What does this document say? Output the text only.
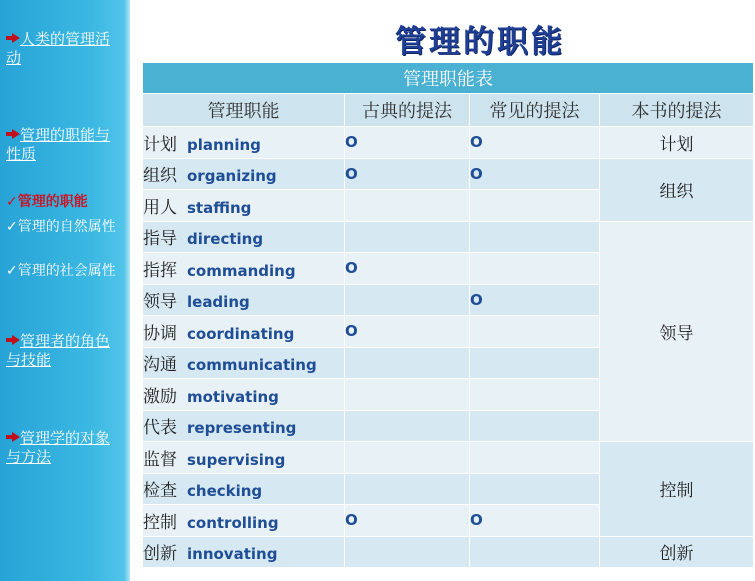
人类的管理活动
管理的职能与性质
✓管理的职能
✓管理的自然属性
✓管理的社会属性
管理者的角色与技能
管理学的对象与方法
管理的职能
管理职能表			
管理职能	古典的提法	常见的提法	本书的提法
计划 planning	O	O	计划
组织 organizing	O	O	组织
用人 staffing			
指导 directing			领导
指挥 commanding	O		
领导 leading		O	
协调 coordinating	O		
沟通 communicating			
激励 motivating			
代表 representing			
监督 supervising			控制
检查 checking			
控制 controlling	O	O	
创新 innovating			创新
